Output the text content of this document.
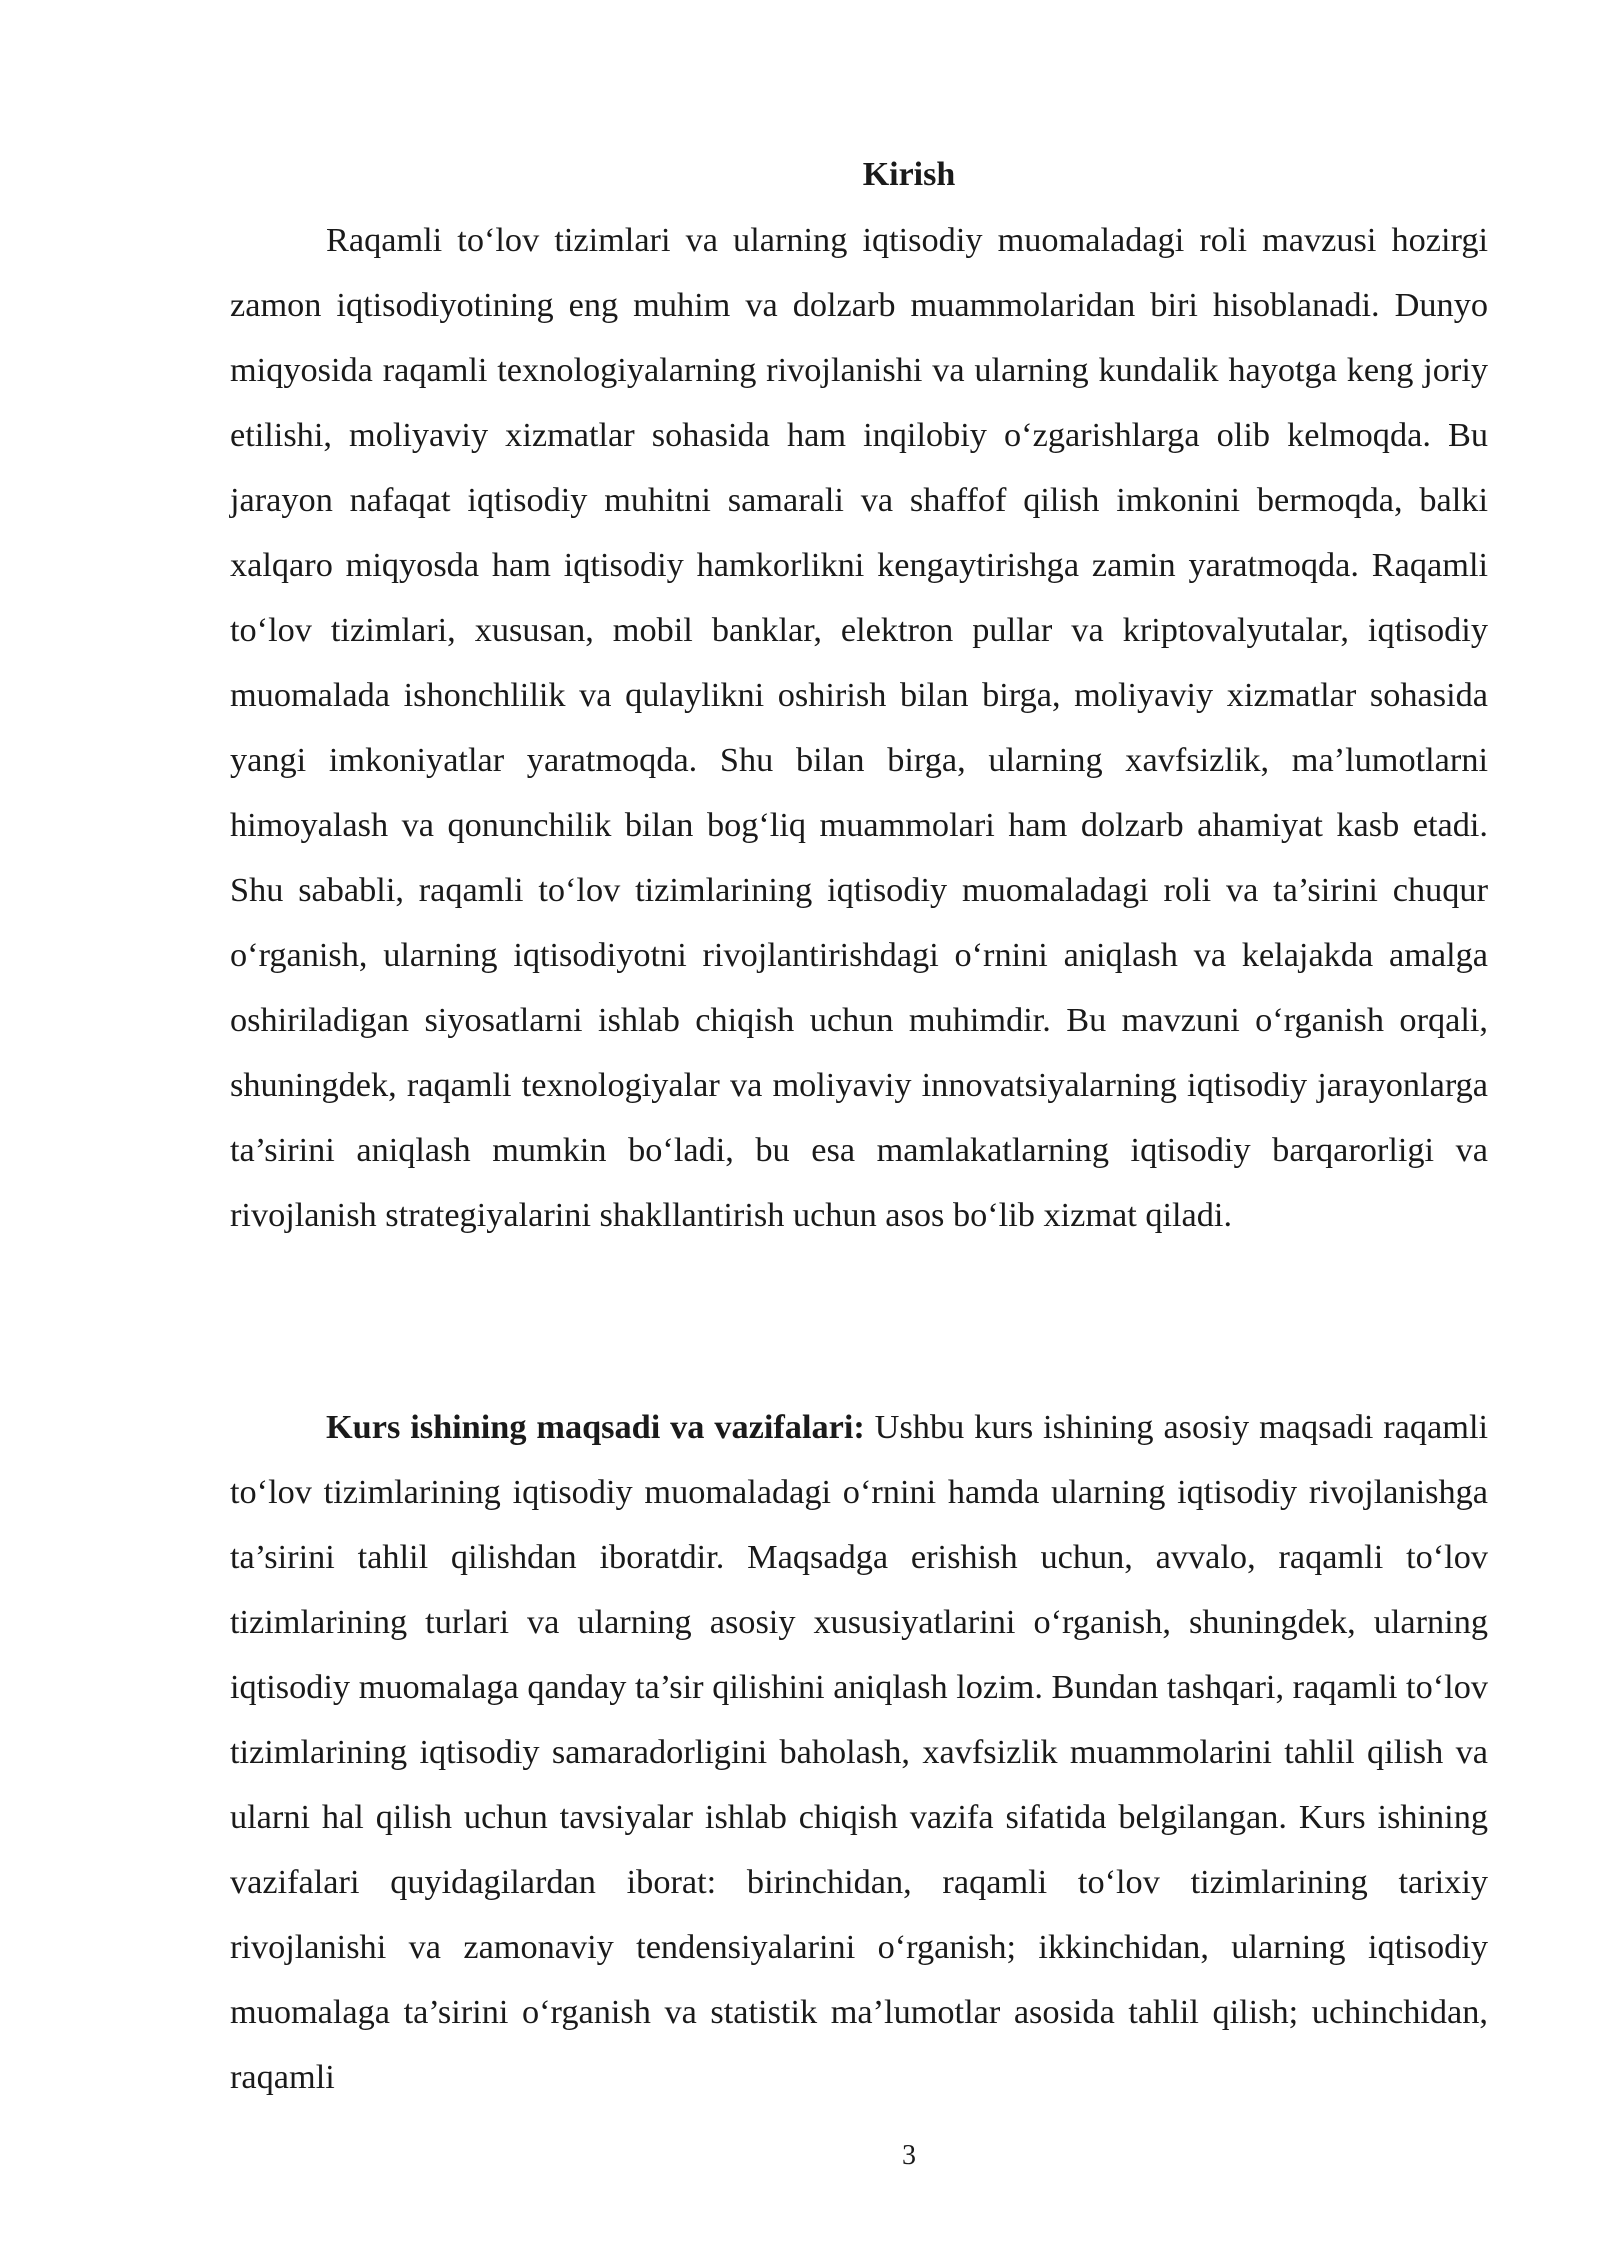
Kirish

Raqamli to‘lov tizimlari va ularning iqtisodiy muomaladagi roli mavzusi hozirgi zamon iqtisodiyotining eng muhim va dolzarb muammolaridan biri hisoblanadi. Dunyo miqyosida raqamli texnologiyalarning rivojlanishi va ularning kundalik hayotga keng joriy etilishi, moliyaviy xizmatlar sohasida ham inqilobiy o‘zgarishlarga olib kelmoqda. Bu jarayon nafaqat iqtisodiy muhitni samarali va shaffof qilish imkonini bermoqda, balki xalqaro miqyosda ham iqtisodiy hamkorlikni kengaytirishga zamin yaratmoqda. Raqamli to‘lov tizimlari, xususan, mobil banklar, elektron pullar va kriptovalyutalar, iqtisodiy muomalada ishonchlilik va qulaylikni oshirish bilan birga, moliyaviy xizmatlar sohasida yangi imkoniyatlar yaratmoqda. Shu bilan birga, ularning xavfsizlik, ma’lumotlarni himoyalash va qonunchilik bilan bog‘liq muammolari ham dolzarb ahamiyat kasb etadi. Shu sababli, raqamli to‘lov tizimlarining iqtisodiy muomaladagi roli va ta’sirini chuqur o‘rganish, ularning iqtisodiyotni rivojlantirishdagi o‘rnini aniqlash va kelajakda amalga oshiriladigan siyosatlarni ishlab chiqish uchun muhimdir. Bu mavzuni o‘rganish orqali, shuningdek, raqamli texnologiyalar va moliyaviy innovatsiyalarning iqtisodiy jarayonlarga ta’sirini aniqlash mumkin bo‘ladi, bu esa mamlakatlarning iqtisodiy barqarorligi va rivojlanish strategiyalarini shakllantirish uchun asos bo‘lib xizmat qiladi.

Kurs ishining maqsadi va vazifalari: Ushbu kurs ishining asosiy maqsadi raqamli to‘lov tizimlarining iqtisodiy muomaladagi o‘rnini hamda ularning iqtisodiy rivojlanishga ta’sirini tahlil qilishdan iboratdir. Maqsadga erishish uchun, avvalo, raqamli to‘lov tizimlarining turlari va ularning asosiy xususiyatlarini o‘rganish, shuningdek, ularning iqtisodiy muomalaga qanday ta’sir qilishini aniqlash lozim. Bundan tashqari, raqamli to‘lov tizimlarining iqtisodiy samaradorligini baholash, xavfsizlik muammolarini tahlil qilish va ularni hal qilish uchun tavsiyalar ishlab chiqish vazifa sifatida belgilangan. Kurs ishining vazifalari quyidagilardan iborat: birinchidan, raqamli to‘lov tizimlarining tarixiy rivojlanishi va zamonaviy tendensiyalarini o‘rganish; ikkinchidan, ularning iqtisodiy muomalaga ta’sirini o‘rganish va statistik ma’lumotlar asosida tahlil qilish; uchinchidan, raqamli

3
